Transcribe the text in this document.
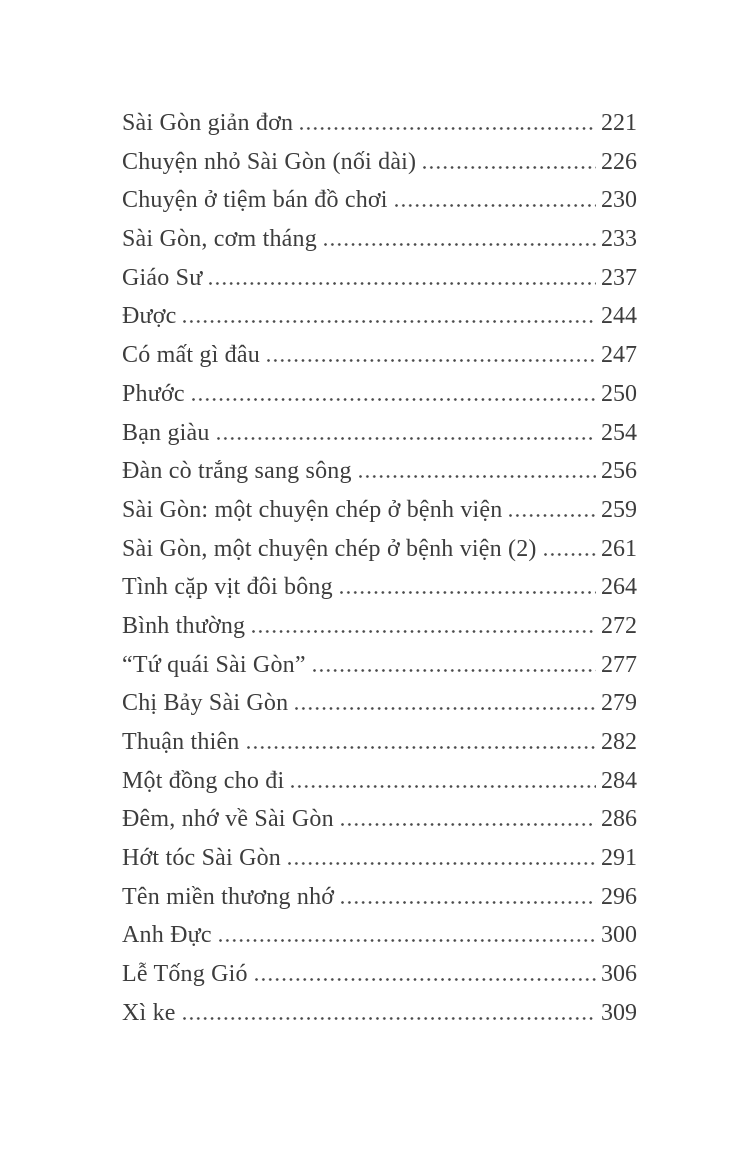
Sài Gòn giản đơn	221
Chuyện nhỏ Sài Gòn (nối dài)	226
Chuyện ở tiệm bán đồ chơi	230
Sài Gòn, cơm tháng	233
Giáo Sư	237
Được	244
Có mất gì đâu	247
Phước	250
Bạn giàu	254
Đàn cò trắng sang sông	256
Sài Gòn: một chuyện chép ở bệnh viện	259
Sài Gòn, một chuyện chép ở bệnh viện (2)	261
Tình cặp vịt đôi bông	264
Bình thường	272
“Tứ quái Sài Gòn”	277
Chị Bảy Sài Gòn	279
Thuận thiên	282
Một đồng cho đi	284
Đêm, nhớ về Sài Gòn	286
Hớt tóc Sài Gòn	291
Tên miền thương nhớ	296
Anh Đực	300
Lễ Tống Gió	306
Xì ke	309
